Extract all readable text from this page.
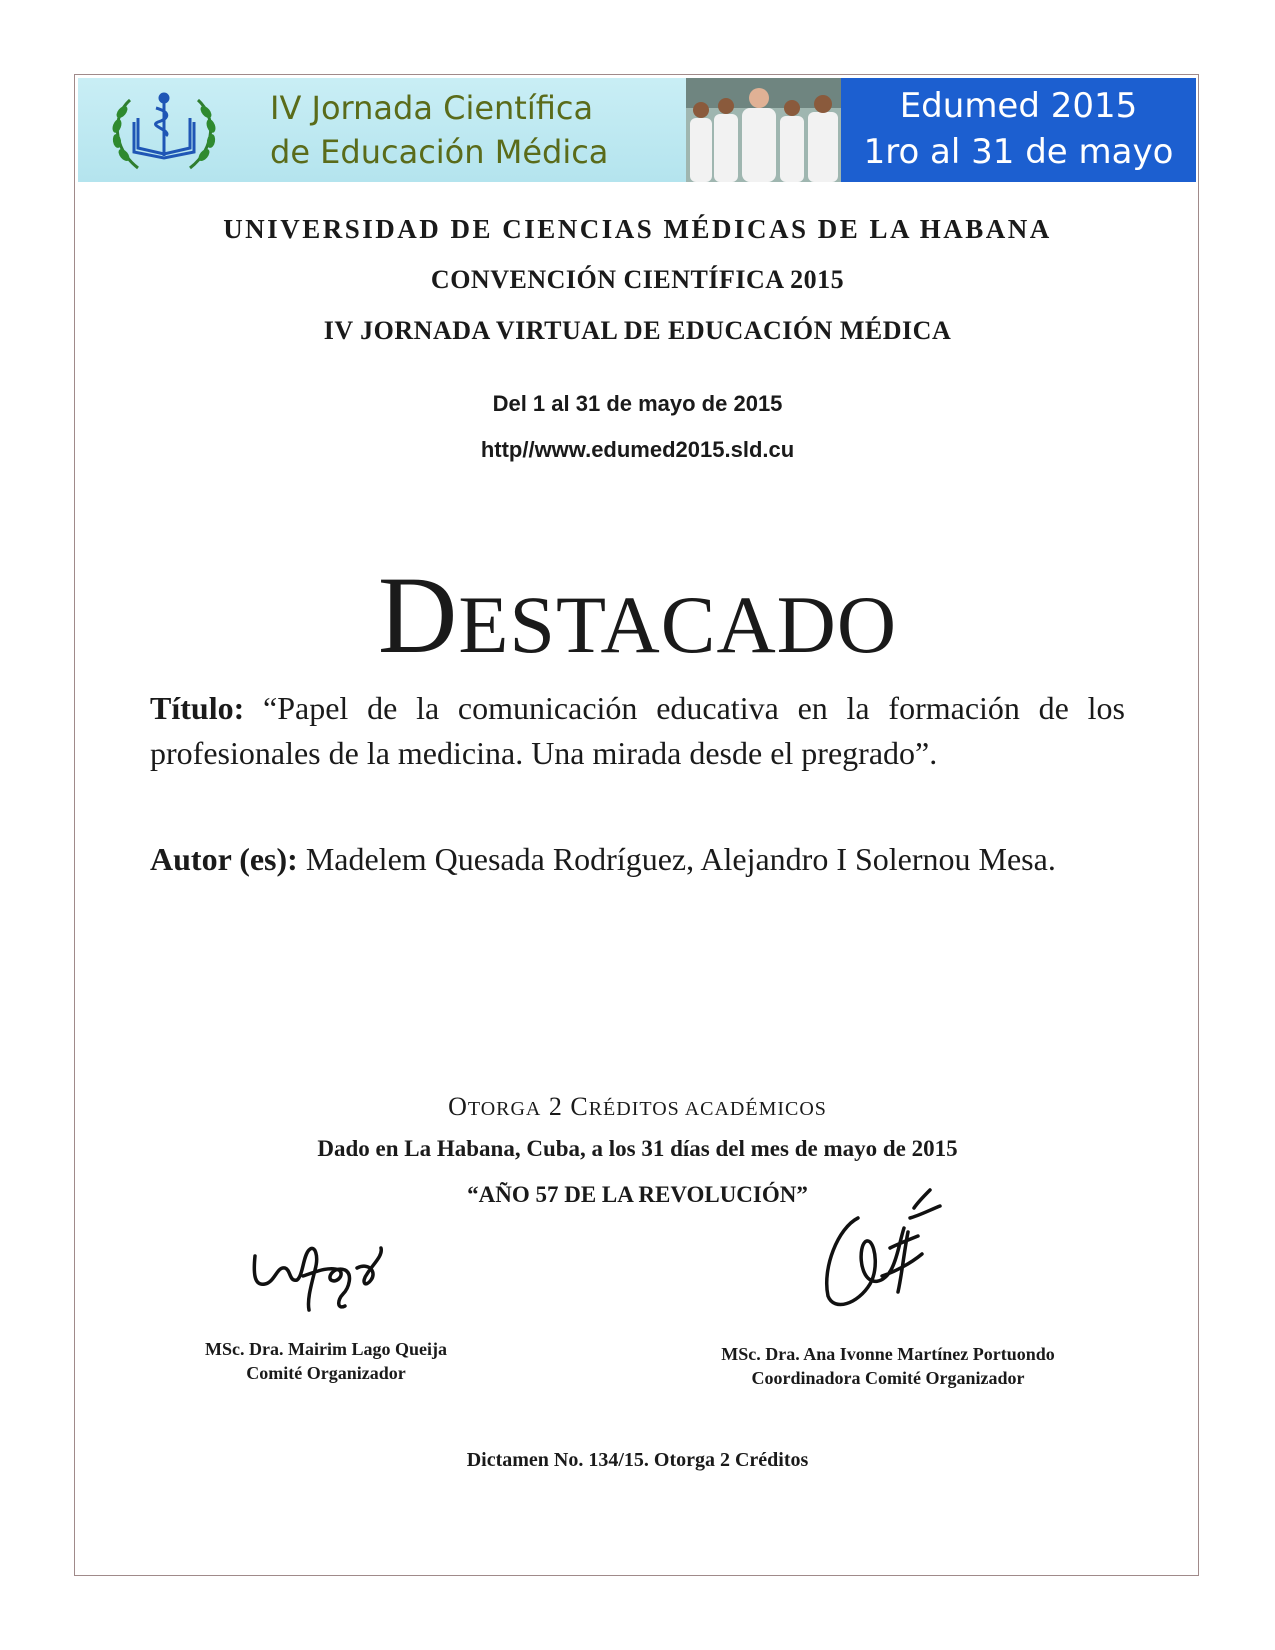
IV Jornada Científica
de Educación Médica
Edumed 2015
1ro al 31 de mayo
UNIVERSIDAD DE CIENCIAS MÉDICAS DE LA HABANA
CONVENCIÓN CIENTÍFICA 2015
IV JORNADA VIRTUAL DE EDUCACIÓN MÉDICA
Del 1 al 31 de mayo de 2015
http//www.edumed2015.sld.cu
DESTACADO
Título: “Papel de la comunicación educativa en la formación de los profesionales de la medicina. Una mirada desde el pregrado”.
Autor (es): Madelem Quesada Rodríguez, Alejandro I Solernou Mesa.
OTORGA 2 CRÉDITOS ACADÉMICOS
Dado en La Habana, Cuba, a los 31 días del mes de mayo de 2015
“AÑO 57 DE LA REVOLUCIÓN”
MSc. Dra. Mairim Lago Queija
Comité Organizador
MSc. Dra. Ana Ivonne Martínez Portuondo
Coordinadora Comité Organizador
Dictamen No. 134/15. Otorga 2 Créditos
